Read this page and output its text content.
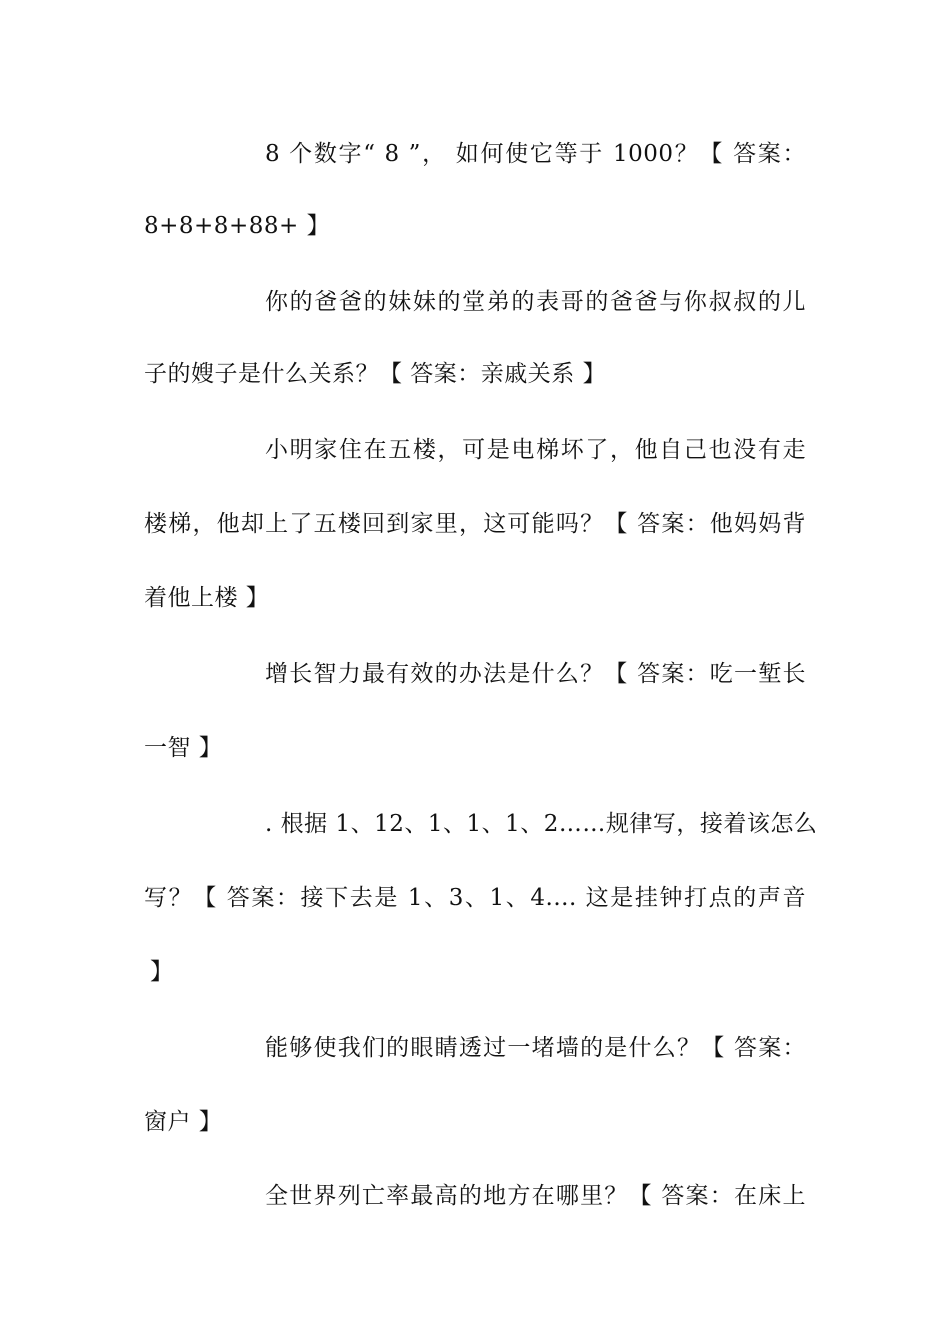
8 个数字“ 8 ”， 如何使它等于 1000？【 答案：
8+8+8+88+ 】
你的爸爸的妹妹的堂弟的表哥的爸爸与你叔叔的儿
子的嫂子是什么关系？【 答案：亲戚关系 】
小明家住在五楼，可是电梯坏了，他自己也没有走
楼梯，他却上了五楼回到家里，这可能吗？【 答案：他妈妈背
着他上楼 】
增长智力最有效的办法是什么？【 答案：吃一堑长
一智 】
. 根据 1、12、1、1、1、2……规律写，接着该怎么
写？【 答案：接下去是 1、3、1、4.... 这是挂钟打点的声音
】
能够使我们的眼睛透过一堵墙的是什么？【 答案：
窗户 】
全世界列亡率最高的地方在哪里？【 答案：在床上
